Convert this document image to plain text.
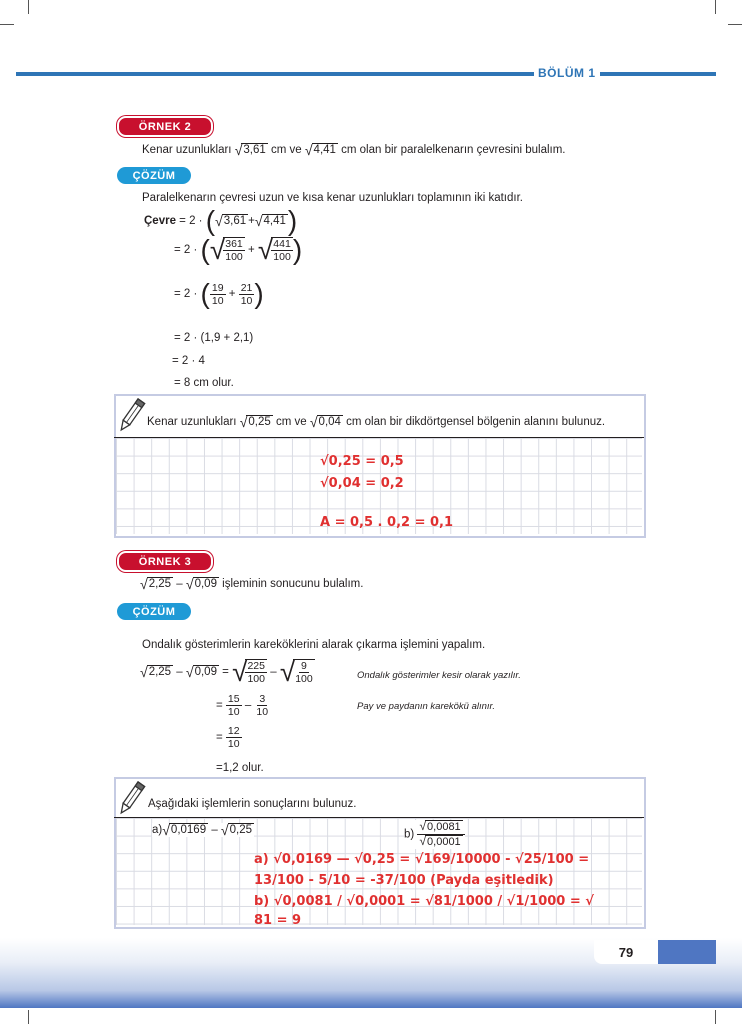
BÖLÜM 1
ÖRNEK 2
Kenar uzunlukları √ 3,61 cm ve √ 4,41 cm olan bir paralelkenarın çevresini bulalım.
ÇÖZÜM
Paralelkenarın çevresi uzun ve kısa kenar uzunlukları toplamının iki katıdır.
Çevre = 2 · ( √ 3,61 + √ 4,41 )
= 2 · ( √
$\frac{361}{100}$ + √
$\frac{441}{100}$ )
= 2 · ( $\frac{19}{10} + \frac{21}{10}$ )
= 2 · (1,9 + 2,1)
= 2 · 4
= 8 cm olur.
Kenar uzunlukları √ 0,25 cm ve √ 0,04 cm olan bir dikdörtgensel bölgenin alanını bulunuz.
√0,25 = 0,5
√0,04 = 0,2
A = 0,5 . 0,2 = 0,1
ÖRNEK 3
√ 2,25 – √ 0,09 işleminin sonucunu bulalım.
ÇÖZÜM
Ondalık gösterimlerin kareköklerini alarak çıkarma işlemini yapalım.
√ 2,25 – √ 0,09 = √
$\frac{225}{100}$ – √
$\frac{9}{100}$
= $\frac{15}{10} - \frac{3}{10}$
= $\frac{12}{10}$
=1,2 olur.
Ondalık gösterimler kesir olarak yazılır.
Pay ve paydanın karekökü alınır.
Aşağıdaki işlemlerin sonuçlarını bulunuz.
a) √ 0,0169 – √ 0,25	$b) \frac{√ 0,0081}{√ 0,0001}$
a) √0,0169 — √0,25 = √169/10000 - √25/100 =
13/100 - 5/10 = -37/100 (Payda eşitledik)
b) √0,0081 / √0,0001 = √81/1000 / √1/1000 = √
81 = 9
79
